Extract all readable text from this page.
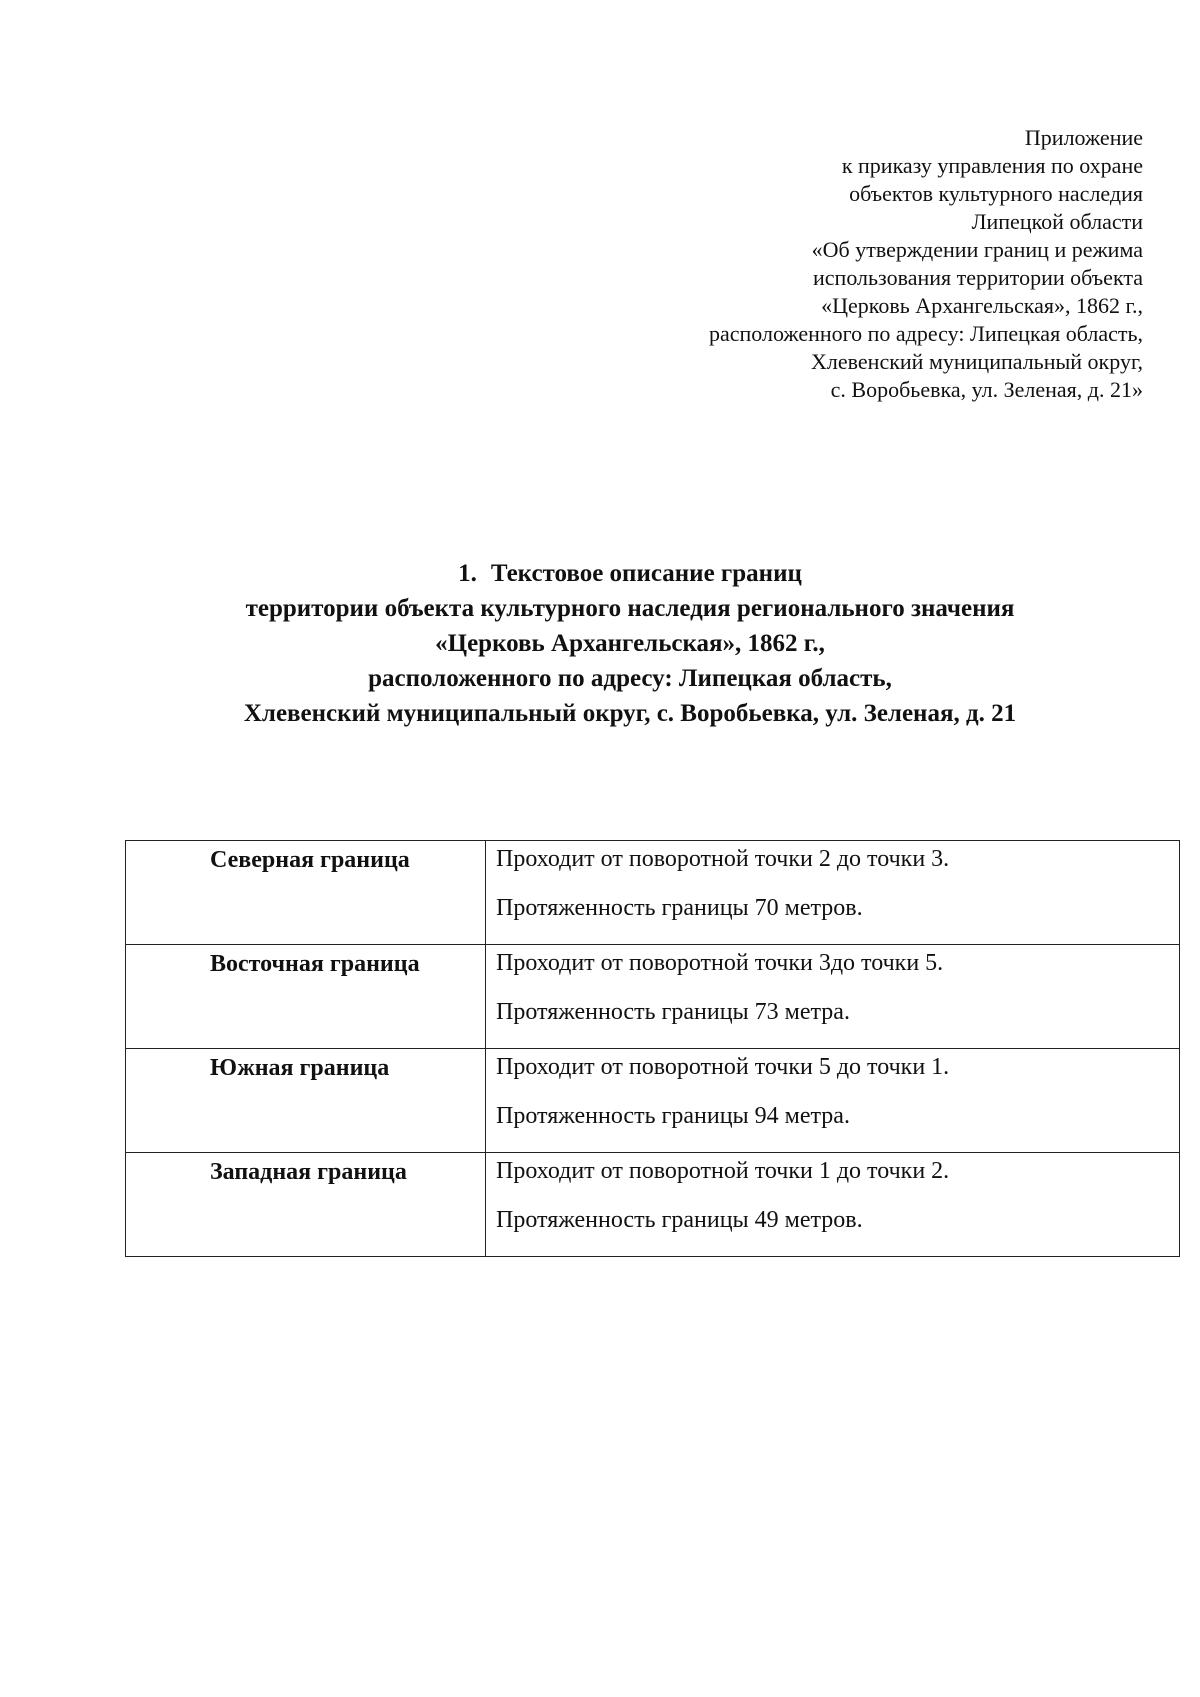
Приложение
к приказу управления по охране
объектов культурного наследия
Липецкой области
«Об утверждении границ и режима
использования территории объекта
«Церковь Архангельская», 1862 г.,
расположенного по адресу: Липецкая область,
Хлевенский муниципальный округ,
с. Воробьевка, ул. Зеленая, д. 21»
1. Текстовое описание границ
территории объекта культурного наследия регионального значения
«Церковь Архангельская», 1862 г.,
расположенного по адресу: Липецкая область,
Хлевенский муниципальный округ, с. Воробьевка, ул. Зеленая, д. 21
Северная граница	Проходит от поворотной точки 2 до точки 3.
Протяженность границы 70 метров.

Восточная граница	Проходит от поворотной точки 3до точки 5.
Протяженность границы 73 метра.

Южная граница	Проходит от поворотной точки 5 до точки 1.
Протяженность границы 94 метра.

Западная граница	Проходит от поворотной точки 1 до точки 2.
Протяженность границы 49 метров.
